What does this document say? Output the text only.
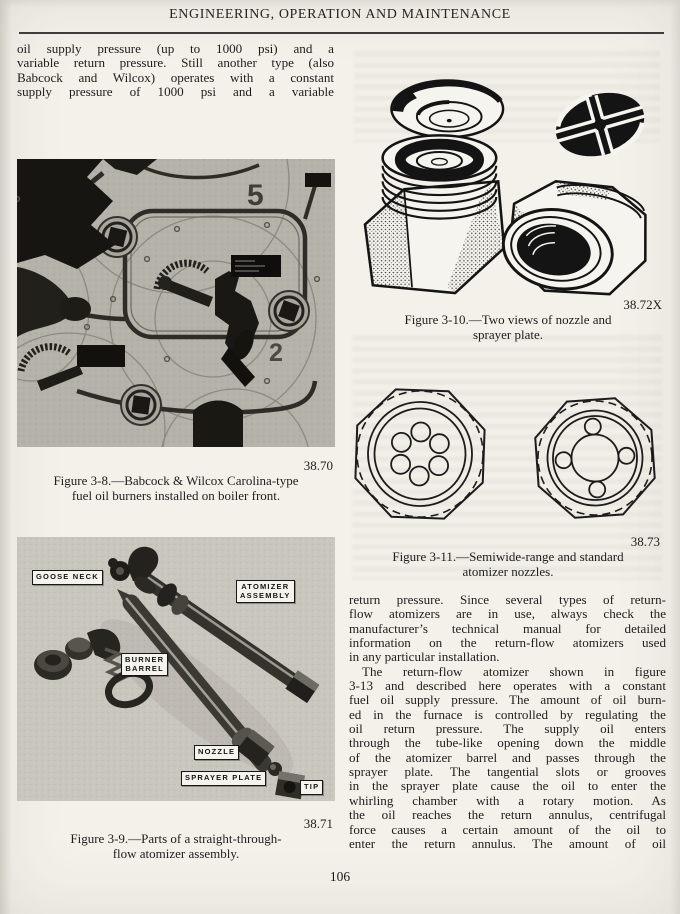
ENGINEERING, OPERATION AND MAINTENANCE
oil supply pressure (up to 1000 psi) and a
variable return pressure. Still another type (also
Babcock and Wilcox) operates with a constant
supply pressure of 1000 psi and a variable
5
2
38.70
Figure 3-8.—Babcock & Wilcox Carolina-type
fuel oil burners installed on boiler front.
GOOSE NECK
ATOMIZER
ASSEMBLY
BURNER
BARREL
NOZZLE
SPRAYER PLATE
TIP
38.71
Figure 3-9.—Parts of a straight-through-
flow atomizer assembly.
38.72X
Figure 3-10.—Two views of nozzle and
sprayer plate.
38.73
Figure 3-11.—Semiwide-range and standard
atomizer nozzles.
return pressure. Since several types of return-
flow atomizers are in use, always check the
manufacturer’s technical manual for detailed
information on the return-flow atomizers used
in any particular installation.
The return-flow atomizer shown in figure
3-13 and described here operates with a constant
fuel oil supply pressure. The amount of oil burn-
ed in the furnace is controlled by regulating the
oil return pressure. The supply oil enters
through the tube-like opening down the middle
of the atomizer barrel and passes through the
sprayer plate. The tangential slots or grooves
in the sprayer plate cause the oil to enter the
whirling chamber with a rotary motion. As
the oil reaches the return annulus, centrifugal
force causes a certain amount of the oil to
enter the return annulus. The amount of oil
106
